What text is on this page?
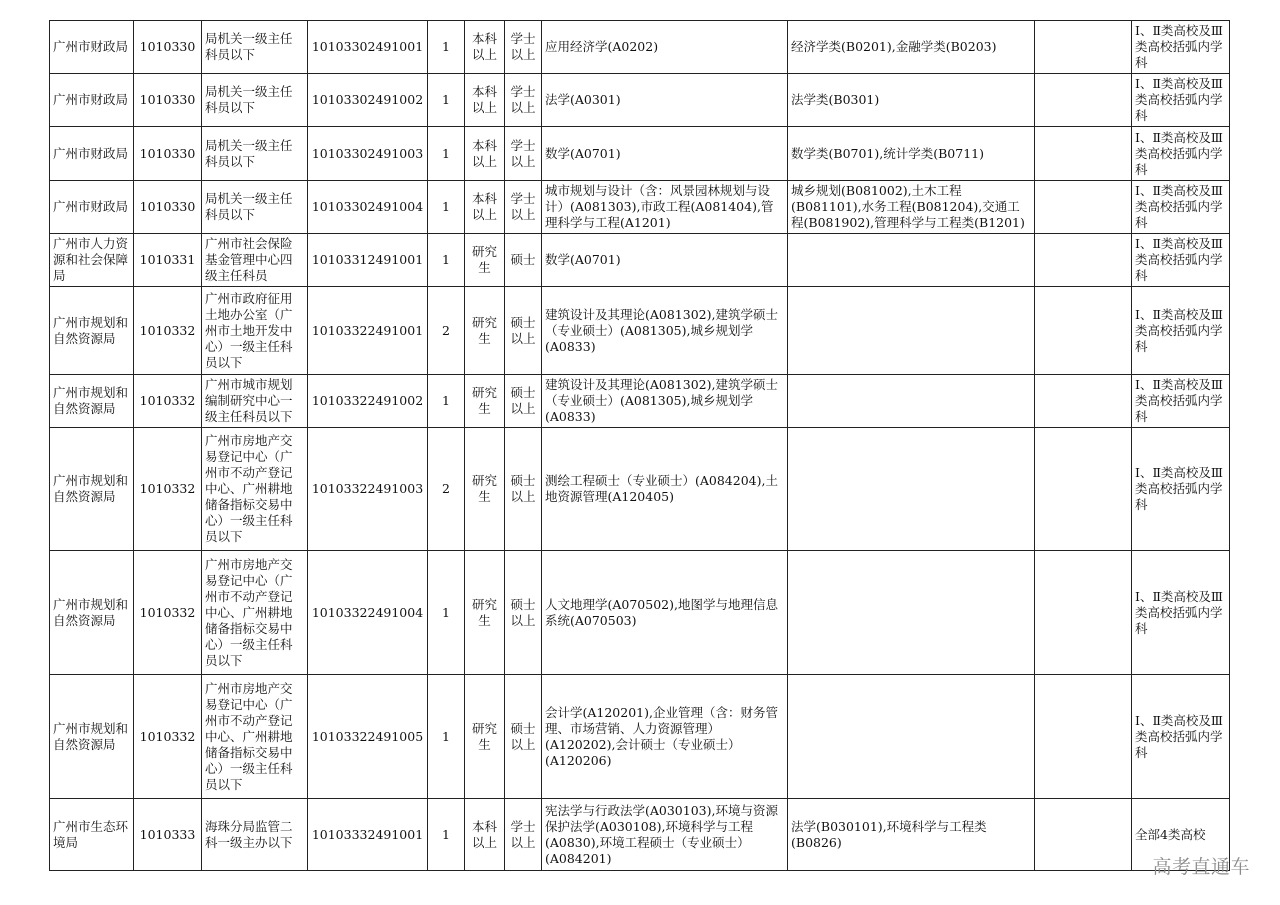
广州市财政局	1010330	局机关一级主任科员以下	10103302491001	1	本科以上	学士以上	应用经济学(A0202)	经济学类(B0201),金融学类(B0203)		Ⅰ、Ⅱ类高校及Ⅲ类高校括弧内学科
广州市财政局	1010330	局机关一级主任科员以下	10103302491002	1	本科以上	学士以上	法学(A0301)	法学类(B0301)		Ⅰ、Ⅱ类高校及Ⅲ类高校括弧内学科
广州市财政局	1010330	局机关一级主任科员以下	10103302491003	1	本科以上	学士以上	数学(A0701)	数学类(B0701),统计学类(B0711)		Ⅰ、Ⅱ类高校及Ⅲ类高校括弧内学科
广州市财政局	1010330	局机关一级主任科员以下	10103302491004	1	本科以上	学士以上	城市规划与设计（含：风景园林规划与设计）(A081303),市政工程(A081404),管理科学与工程(A1201)	城乡规划(B081002),土木工程(B081101),水务工程(B081204),交通工程(B081902),管理科学与工程类(B1201)		Ⅰ、Ⅱ类高校及Ⅲ类高校括弧内学科
广州市人力资源和社会保障局	1010331	广州市社会保险基金管理中心四级主任科员	10103312491001	1	研究生	硕士	数学(A0701)			Ⅰ、Ⅱ类高校及Ⅲ类高校括弧内学科
广州市规划和自然资源局	1010332	广州市政府征用土地办公室（广州市土地开发中心）一级主任科员以下	10103322491001	2	研究生	硕士以上	建筑设计及其理论(A081302),建筑学硕士（专业硕士）(A081305),城乡规划学(A0833)			Ⅰ、Ⅱ类高校及Ⅲ类高校括弧内学科
广州市规划和自然资源局	1010332	广州市城市规划编制研究中心一级主任科员以下	10103322491002	1	研究生	硕士以上	建筑设计及其理论(A081302),建筑学硕士（专业硕士）(A081305),城乡规划学(A0833)			Ⅰ、Ⅱ类高校及Ⅲ类高校括弧内学科
广州市规划和自然资源局	1010332	广州市房地产交易登记中心（广州市不动产登记中心、广州耕地储备指标交易中心）一级主任科员以下	10103322491003	2	研究生	硕士以上	测绘工程硕士（专业硕士）(A084204),土地资源管理(A120405)			Ⅰ、Ⅱ类高校及Ⅲ类高校括弧内学科
广州市规划和自然资源局	1010332	广州市房地产交易登记中心（广州市不动产登记中心、广州耕地储备指标交易中心）一级主任科员以下	10103322491004	1	研究生	硕士以上	人文地理学(A070502),地图学与地理信息系统(A070503)			Ⅰ、Ⅱ类高校及Ⅲ类高校括弧内学科
广州市规划和自然资源局	1010332	广州市房地产交易登记中心（广州市不动产登记中心、广州耕地储备指标交易中心）一级主任科员以下	10103322491005	1	研究生	硕士以上	会计学(A120201),企业管理（含：财务管理、市场营销、人力资源管理）(A120202),会计硕士（专业硕士）(A120206)			Ⅰ、Ⅱ类高校及Ⅲ类高校括弧内学科
广州市生态环境局	1010333	海珠分局监管二科一级主办以下	10103332491001	1	本科以上	学士以上	宪法学与行政法学(A030103),环境与资源保护法学(A030108),环境科学与工程(A0830),环境工程硕士（专业硕士）(A084201)	法学(B030101),环境科学与工程类(B0826)		全部4类高校
高考直通车
